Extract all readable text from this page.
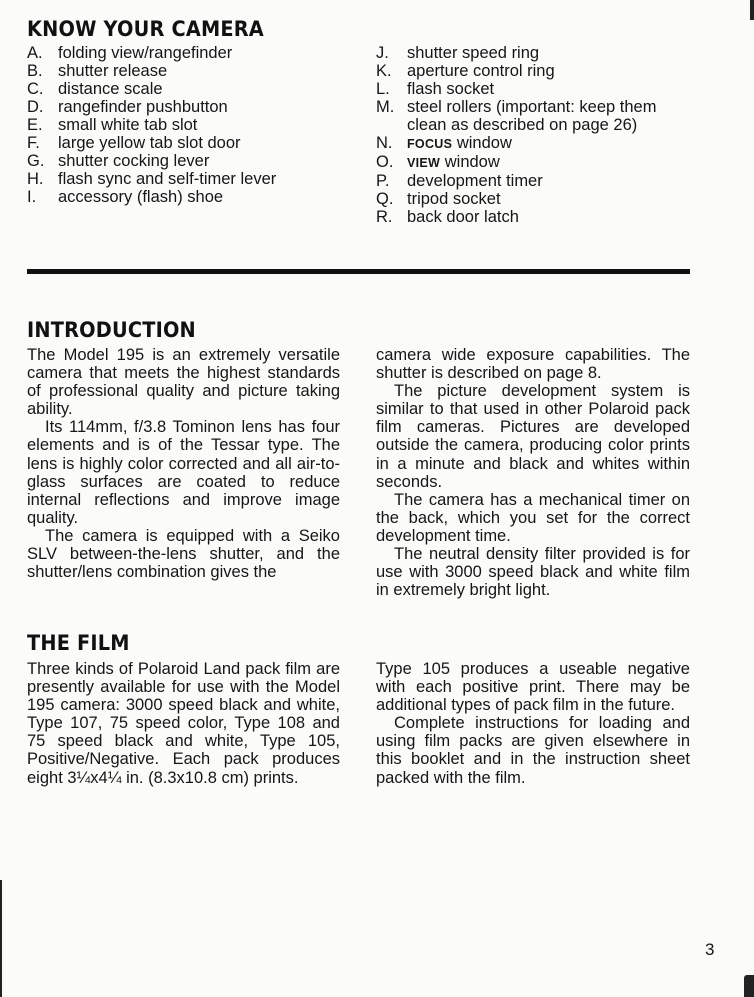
KNOW YOUR CAMERA
A. folding view/rangefinder
B. shutter release
C. distance scale
D. rangefinder pushbutton
E. small white tab slot
F. large yellow tab slot door
G. shutter cocking lever
H. flash sync and self-timer lever
I. accessory (flash) shoe
J. shutter speed ring
K. aperture control ring
L. flash socket
M. steel rollers (important: keep them
clean as described on page 26)
N. FOCUS window
O. VIEW window
P. development timer
Q. tripod socket
R. back door latch
INTRODUCTION

The Model 195 is an extremely versatile camera that meets the highest standards of professional quality and picture taking ability.

Its 114mm, f/3.8 Tominon lens has four elements and is of the Tessar type. The lens is highly color corrected and all air-to-glass surfaces are coated to reduce internal reflections and improve image quality.

The camera is equipped with a Seiko SLV between-the-lens shutter, and the shutter/lens combination gives the

camera wide exposure capabilities. The shutter is described on page 8.

The picture development system is similar to that used in other Polaroid pack film cameras. Pictures are developed outside the camera, producing color prints in a minute and black and whites within seconds.

The camera has a mechanical timer on the back, which you set for the correct development time.

The neutral density filter provided is for use with 3000 speed black and white film in extremely bright light.

THE FILM

Three kinds of Polaroid Land pack film are presently available for use with the Model 195 camera: 3000 speed black and white, Type 107, 75 speed color, Type 108 and 75 speed black and white, Type 105, Positive/Negative. Each pack produces eight 3¼x4¼ in. (8.3x10.8 cm) prints.

Type 105 produces a useable negative with each positive print. There may be additional types of pack film in the future.

Complete instructions for loading and using film packs are given elsewhere in this booklet and in the instruction sheet packed with the film.

3
